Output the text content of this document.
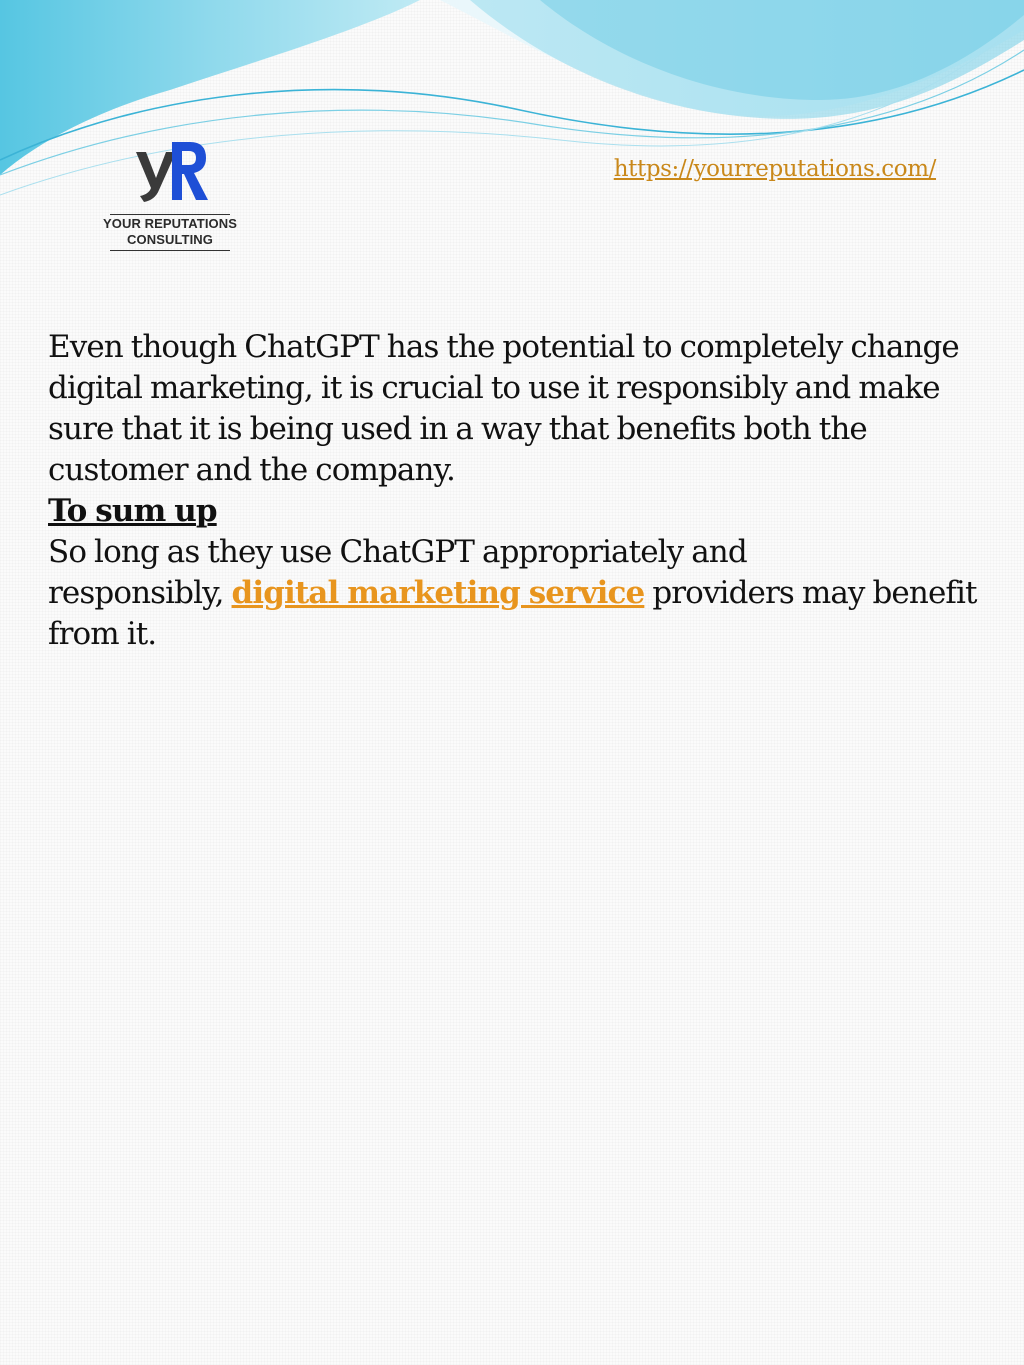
YOUR REPUTATIONS
CONSULTING
https://yourreputations.com/

Even though ChatGPT has the potential to completely change digital marketing, it is crucial to use it responsibly and make sure that it is being used in a way that benefits both the customer and the company.

To sum up

So long as they use ChatGPT appropriately and
responsibly, digital marketing service providers may benefit from it.
